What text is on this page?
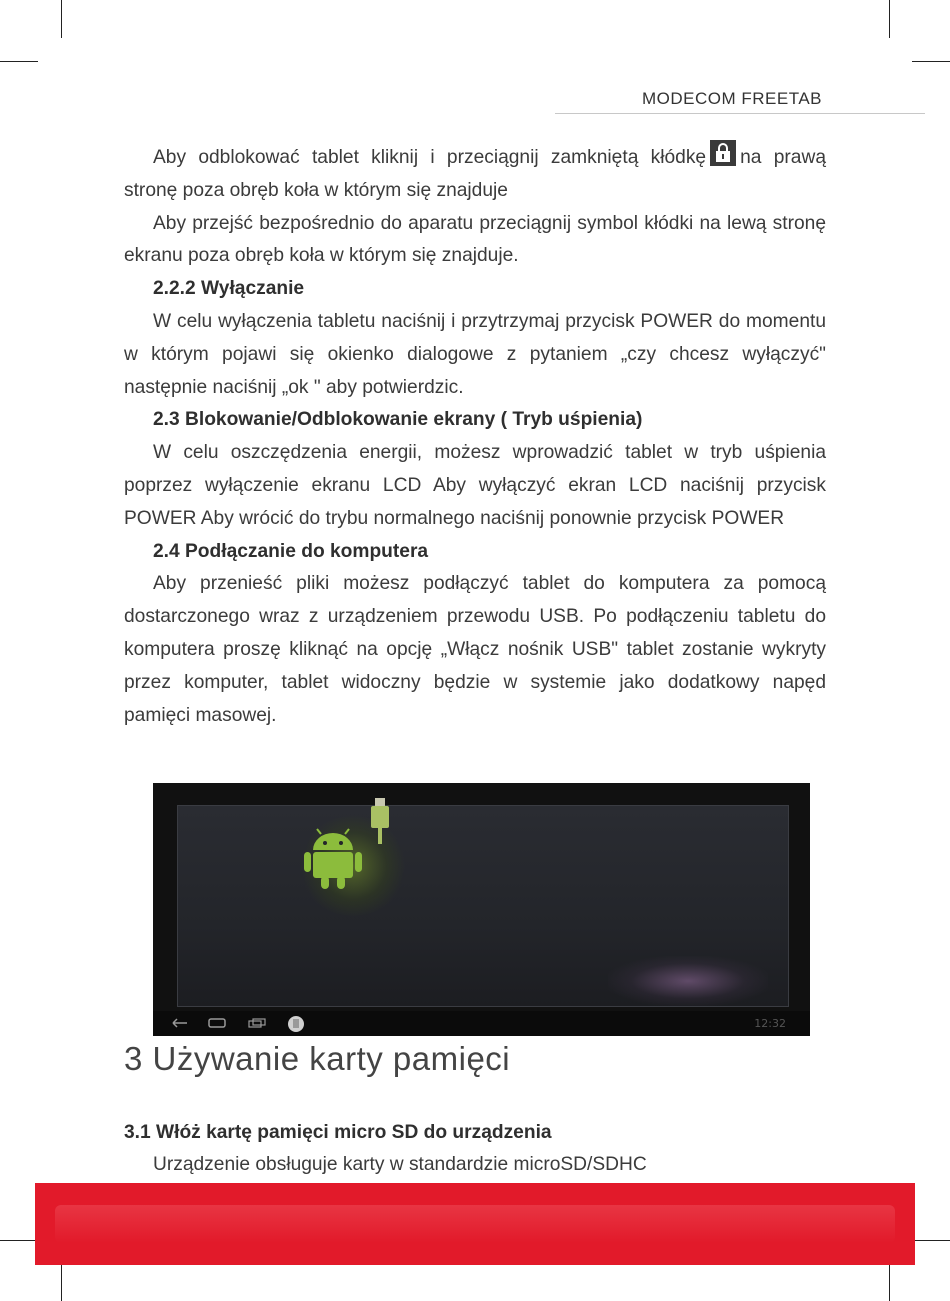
MODECOM FREETAB

Aby odblokować tablet kliknij i przeciągnij zamkniętą kłódkę na prawą stronę poza obręb koła w którym się znajduje

Aby przejść bezpośrednio do aparatu przeciągnij symbol kłódki na lewą stronę ekranu poza obręb koła w którym się znajduje.

2.2.2 Wyłączanie

W celu wyłączenia tabletu naciśnij i przytrzymaj przycisk POWER do momentu w którym pojawi się okienko dialogowe z pytaniem „czy chcesz wyłączyć" następnie naciśnij „ok " aby potwierdzic.

2.3 Blokowanie/Odblokowanie ekrany ( Tryb uśpienia)

W celu oszczędzenia energii, możesz wprowadzić tablet w tryb uśpienia poprzez wyłączenie ekranu LCD Aby wyłączyć ekran LCD naciśnij przycisk POWER Aby wrócić do trybu normalnego naciśnij ponownie przycisk POWER

2.4 Podłączanie do komputera

Aby przenieść pliki możesz podłączyć tablet do komputera za pomocą dostarczonego wraz z urządzeniem przewodu USB. Po podłączeniu tabletu do komputera proszę kliknąć na opcję „Włącz nośnik USB" tablet zostanie wykryty przez komputer, tablet widoczny będzie w systemie jako dodatkowy napęd pamięci masowej.

12:32
3 Używanie karty pamięci
3.1 Włóż kartę pamięci micro SD do urządzenia
Urządzenie obsługuje karty w standardzie microSD/SDHC
